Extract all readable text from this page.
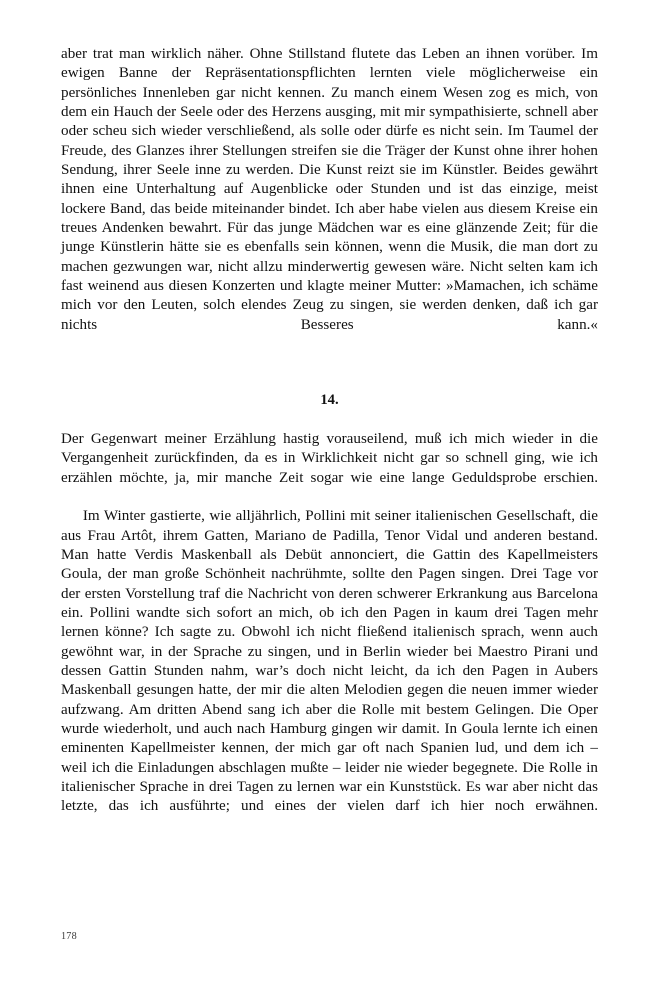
aber trat man wirklich näher. Ohne Stillstand flutete das Leben an ihnen vorüber. Im ewigen Banne der Repräsentationspflichten lernten viele möglicherweise ein persönliches Innenleben gar nicht kennen. Zu manch einem Wesen zog es mich, von dem ein Hauch der Seele oder des Herzens ausging, mit mir sympathisierte, schnell aber oder scheu sich wieder verschließend, als solle oder dürfe es nicht sein. Im Taumel der Freude, des Glanzes ihrer Stellungen streifen sie die Träger der Kunst ohne ihrer hohen Sendung, ihrer Seele inne zu werden. Die Kunst reizt sie im Künstler. Beides gewährt ihnen eine Unterhaltung auf Augenblicke oder Stunden und ist das einzige, meist lockere Band, das beide miteinander bindet. Ich aber habe vielen aus diesem Kreise ein treues Andenken bewahrt. Für das junge Mädchen war es eine glänzende Zeit; für die junge Künstlerin hätte sie es ebenfalls sein können, wenn die Musik, die man dort zu machen gezwungen war, nicht allzu minderwertig gewesen wäre. Nicht selten kam ich fast weinend aus diesen Konzerten und klagte meiner Mutter: »Mamachen, ich schäme mich vor den Leuten, solch elendes Zeug zu singen, sie werden denken, daß ich gar nichts Besseres kann.«

14.

Der Gegenwart meiner Erzählung hastig vorauseilend, muß ich mich wieder in die Vergangenheit zurückfinden, da es in Wirklichkeit nicht gar so schnell ging, wie ich erzählen möchte, ja, mir manche Zeit sogar wie eine lange Geduldsprobe erschien.

Im Winter gastierte, wie alljährlich, Pollini mit seiner italienischen Gesellschaft, die aus Frau Artôt, ihrem Gatten, Mariano de Padilla, Tenor Vidal und anderen bestand. Man hatte Verdis Maskenball als Debüt annonciert, die Gattin des Kapellmeisters Goula, der man große Schönheit nachrühmte, sollte den Pagen singen. Drei Tage vor der ersten Vorstellung traf die Nachricht von deren schwerer Erkrankung aus Barcelona ein. Pollini wandte sich sofort an mich, ob ich den Pagen in kaum drei Tagen mehr lernen könne? Ich sagte zu. Obwohl ich nicht fließend italienisch sprach, wenn auch gewöhnt war, in der Sprache zu singen, und in Berlin wieder bei Maestro Pirani und dessen Gattin Stunden nahm, war’s doch nicht leicht, da ich den Pagen in Aubers Maskenball gesungen hatte, der mir die alten Melodien gegen die neuen immer wieder aufzwang. Am dritten Abend sang ich aber die Rolle mit bestem Gelingen. Die Oper wurde wiederholt, und auch nach Hamburg gingen wir damit. In Goula lernte ich einen eminenten Kapellmeister kennen, der mich gar oft nach Spanien lud, und dem ich – weil ich die Einladungen abschlagen mußte – leider nie wieder begegnete. Die Rolle in italienischer Sprache in drei Tagen zu lernen war ein Kunststück. Es war aber nicht das letzte, das ich ausführte; und eines der vielen darf ich hier noch erwähnen.

178
